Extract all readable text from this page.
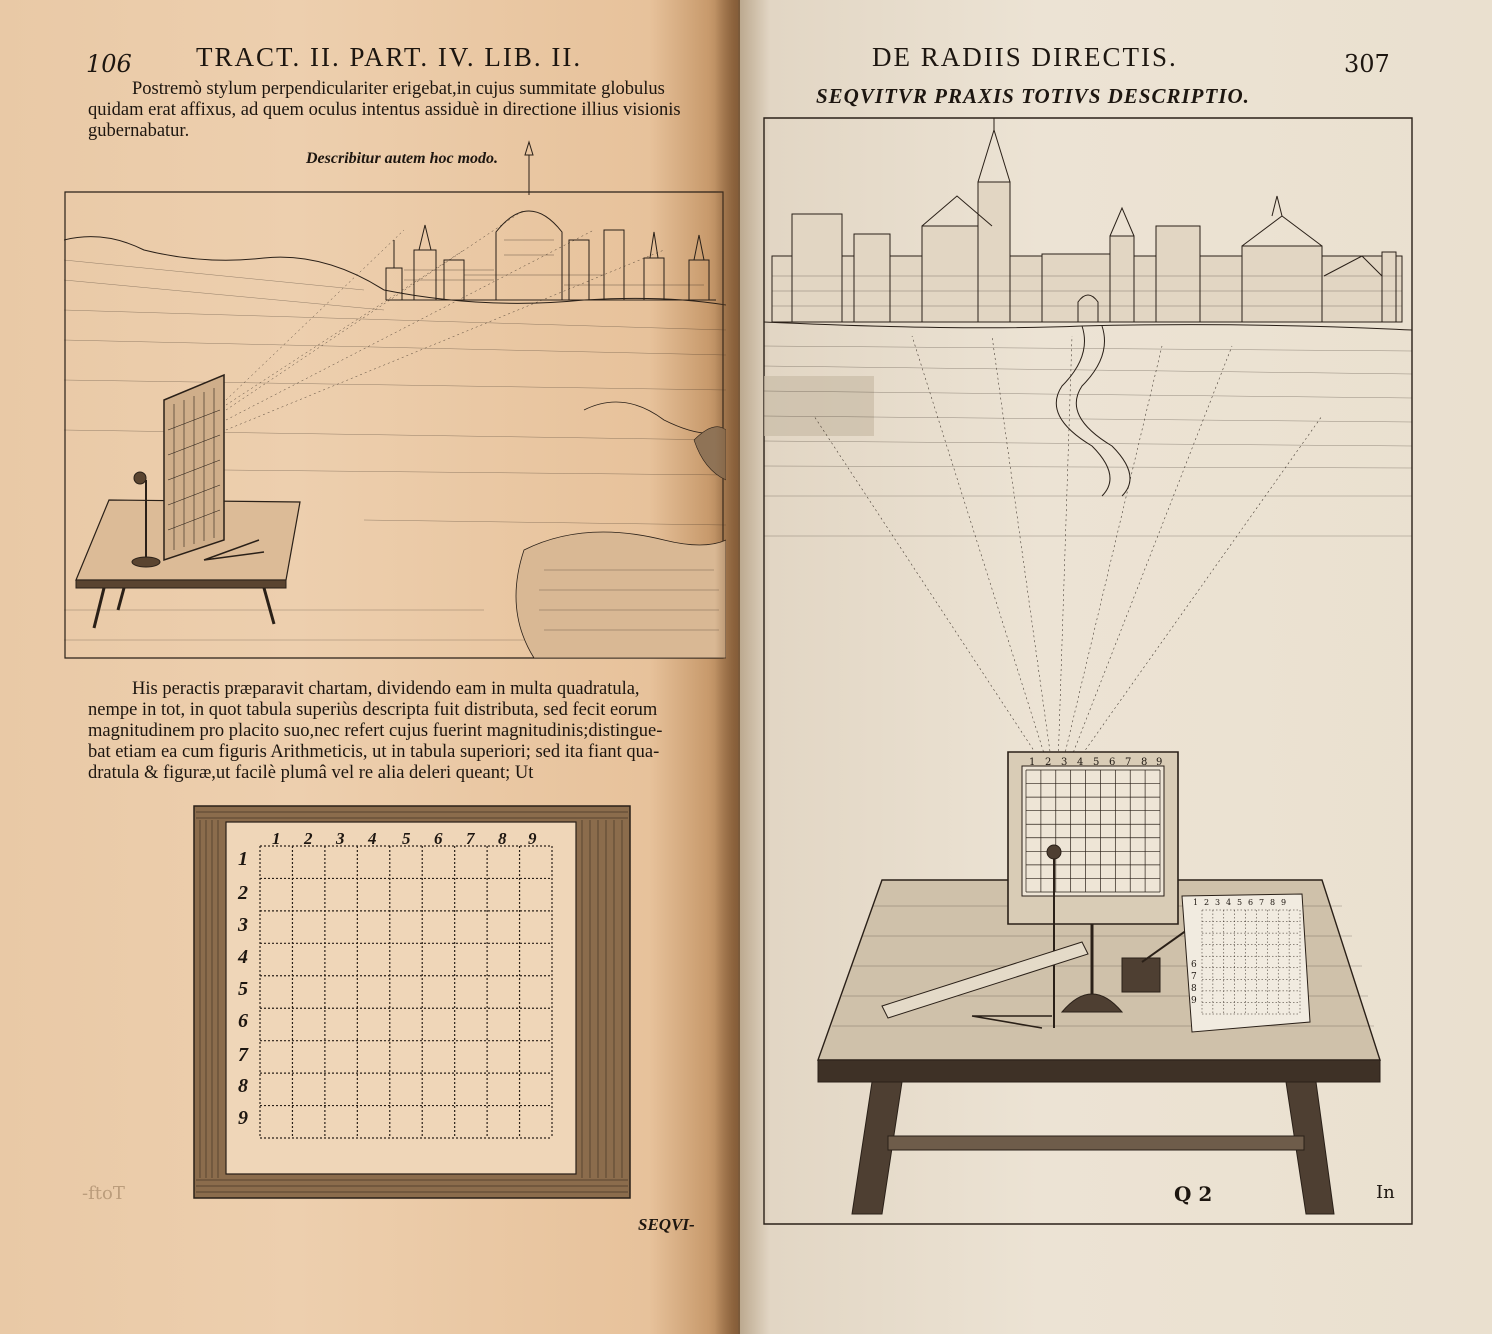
106 TRACT. II. PART. IV. LIB. II.

Postremò stylum perpendiculariter erigebat,in cujus summitate globulus
quidam erat affixus, ad quem oculus intentus assiduè in directione illius visionis
gubernabatur.

Describitur autem hoc modo.

His peractis præparavit chartam, dividendo eam in multa quadratula,
nempe in tot, in quot tabula superiùs descripta fuit distributa, sed fecit eorum
magnitudinem pro placito suo,nec refert cujus fuerint magnitudinis;distingue-
bat etiam ea cum figuris Arithmeticis, ut in tabula superiori; sed ita fiant qua-
dratula & figuræ,ut facilè plumâ vel re alia deleri queant; Ut
1 2 3 4 5 6 7 8 9
1
2
3
4
5
6
7
8
9

-ftoT

SEQVI-

DE RADIIS DIRECTIS.	307

SEQVITVR PRAXIS TOTIVS DESCRIPTIO.

1 2 3 4 5 6 7 8 9
1 2 3 4 5 6 7 8 9
6
7
8
9

Q 2	In
